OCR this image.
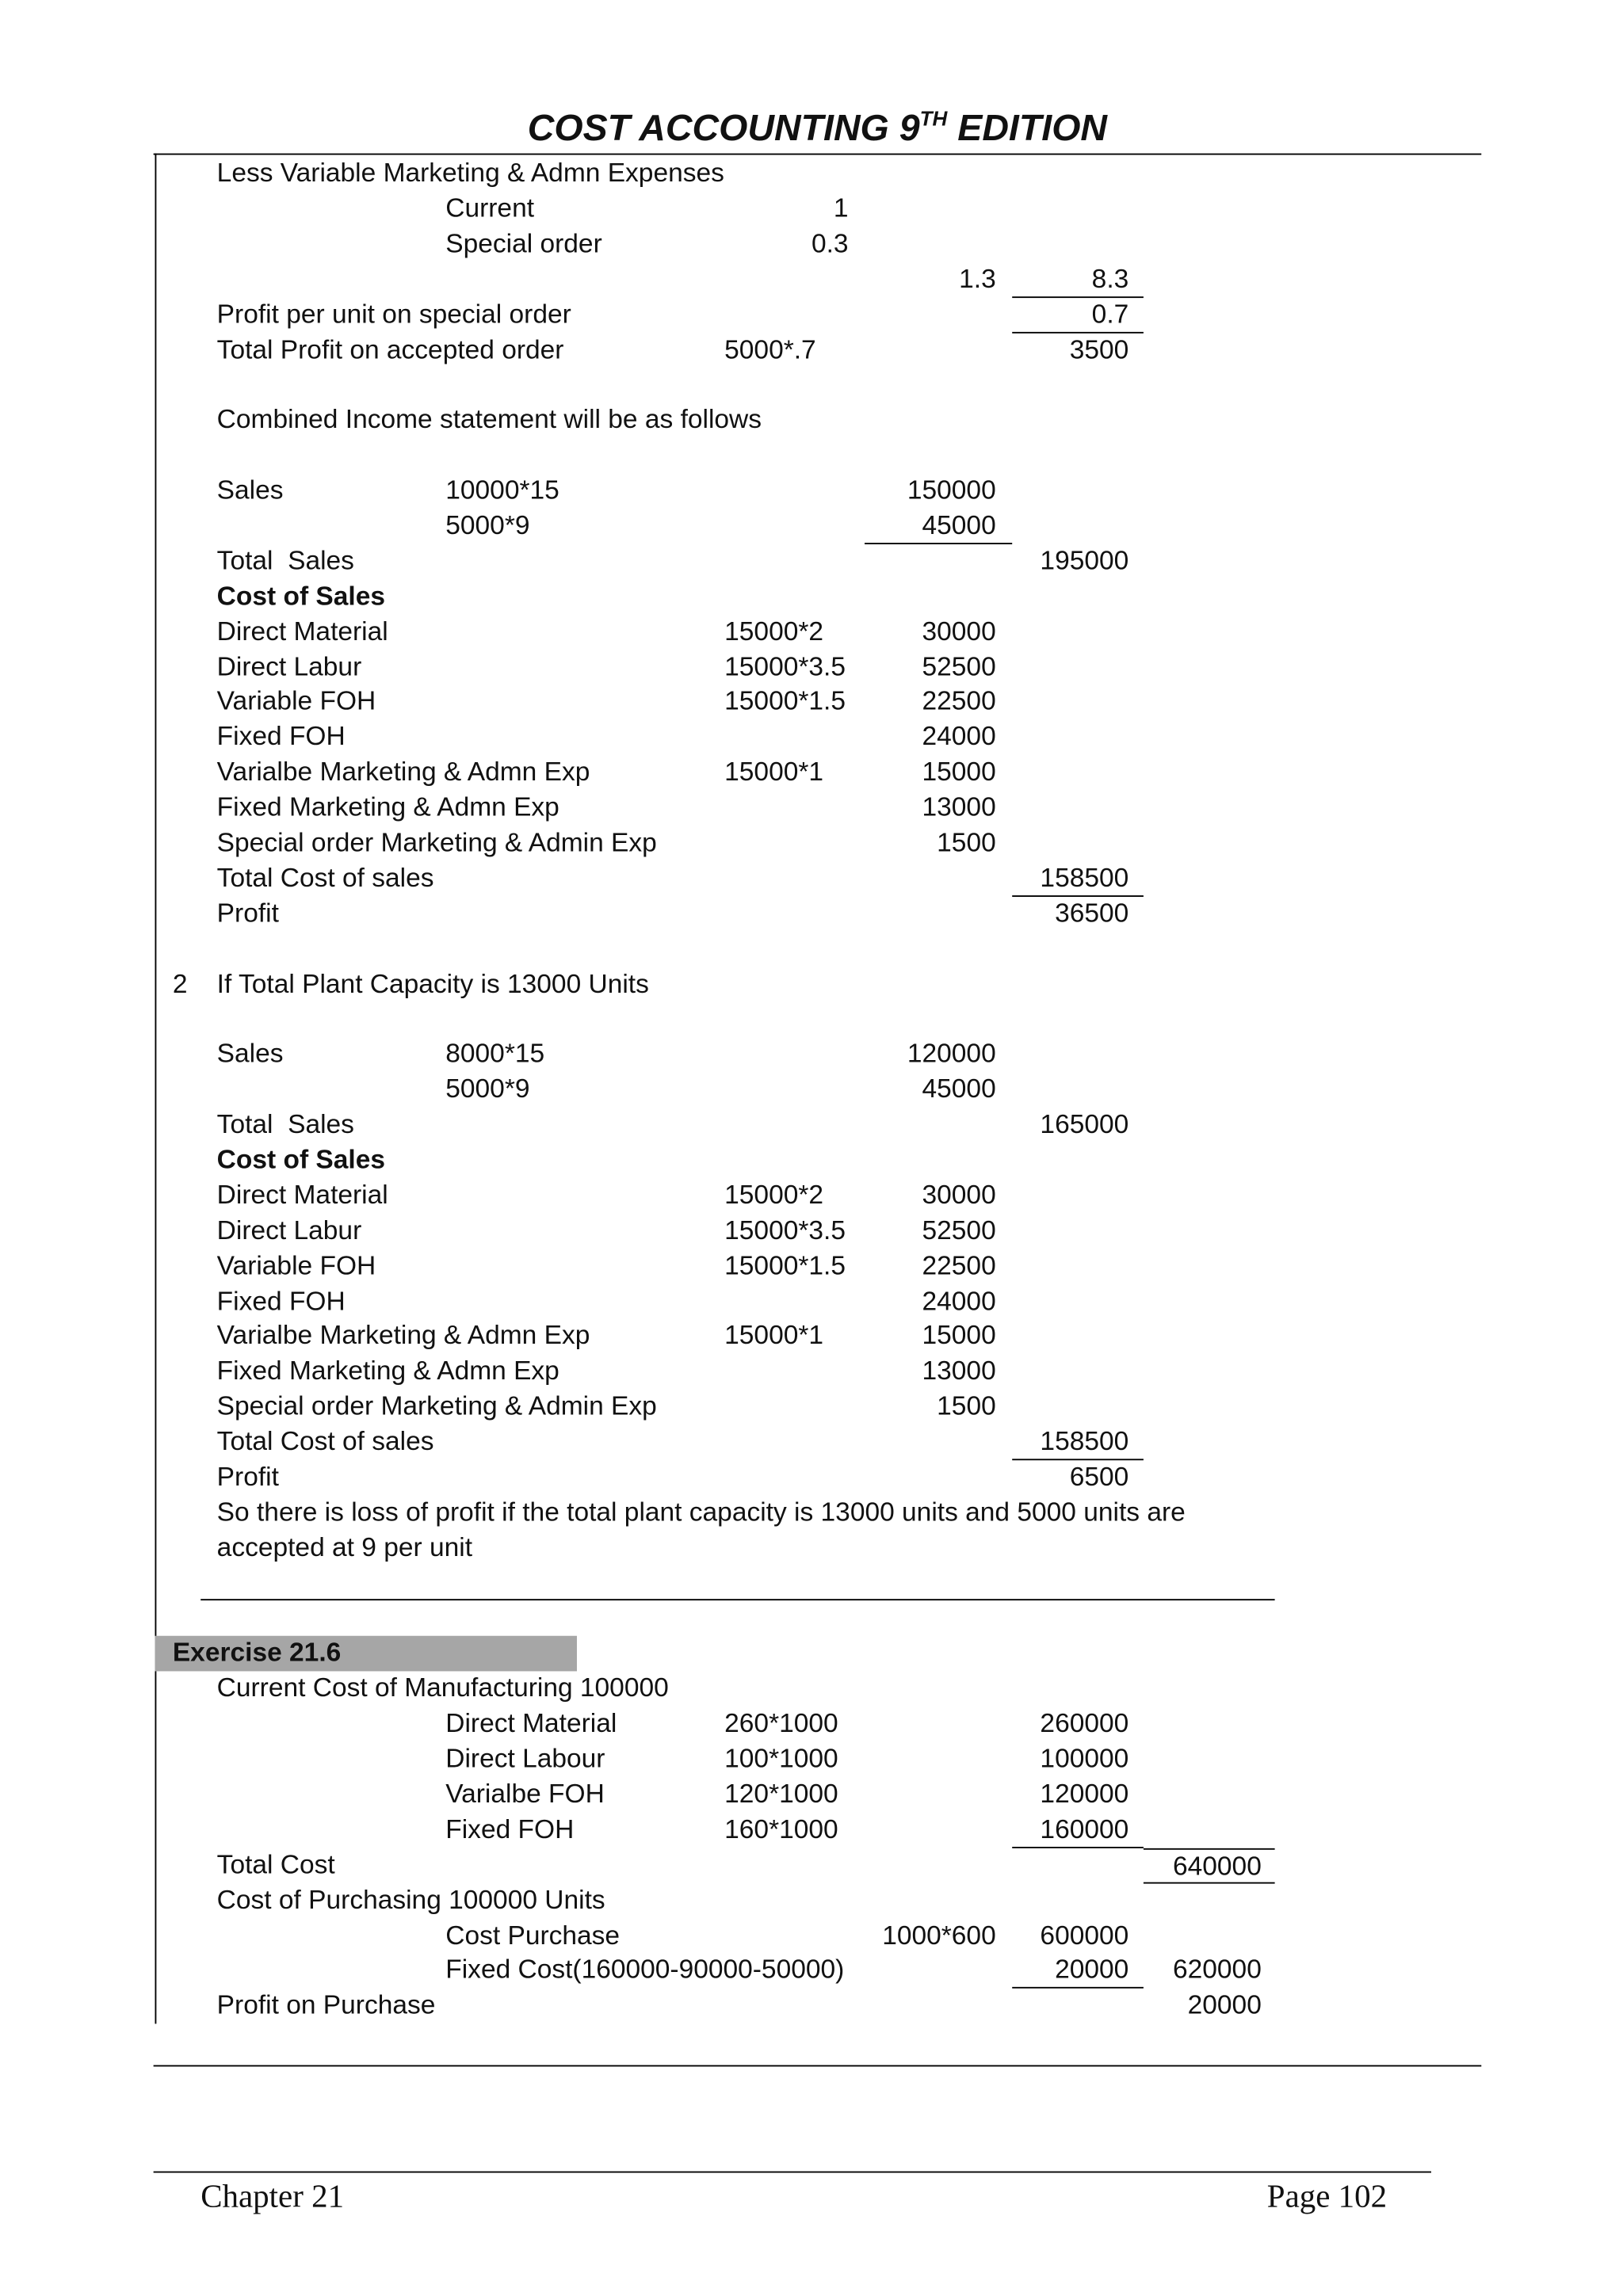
COST ACCOUNTING 9TH EDITION
Less Variable Marketing & Admn Expenses
Current	1
Special order	0.3
1.3	8.3
Profit per unit on special order	0.7
Total Profit on accepted order	5000*.7	3500
Combined Income statement will be as follows
Sales	10000*15	150000
5000*9	45000
Total  Sales	195000
Cost of Sales
Direct Material	15000*2	30000
Direct Labur	15000*3.5	52500
Variable FOH	15000*1.5	22500
Fixed FOH	24000
Varialbe Marketing & Admn Exp	15000*1	15000
Fixed Marketing & Admn Exp	13000
Special order Marketing & Admin Exp	1500
Total Cost of sales	158500
Profit	36500
2 If Total Plant Capacity is 13000 Units
Sales	8000*15	120000
5000*9	45000
Total  Sales	165000
Cost of Sales
Direct Material	15000*2	30000
Direct Labur	15000*3.5	52500
Variable FOH	15000*1.5	22500
Fixed FOH	24000
Varialbe Marketing & Admn Exp	15000*1	15000
Fixed Marketing & Admn Exp	13000
Special order Marketing & Admin Exp	1500
Total Cost of sales	158500
Profit	6500
So there is loss of profit if the total plant capacity is 13000 units and 5000 units are
accepted at 9 per unit
Exercise 21.6
Current Cost of Manufacturing 100000
Direct Material	260*1000	260000
Direct Labour	100*1000	100000
Varialbe FOH	120*1000	120000
Fixed FOH	160*1000	160000
Total Cost	640000
Cost of Purchasing 100000 Units
Cost Purchase	1000*600	600000
Fixed Cost(160000-90000-50000)	20000	620000
Profit on Purchase	20000
Chapter 21	Page 102
